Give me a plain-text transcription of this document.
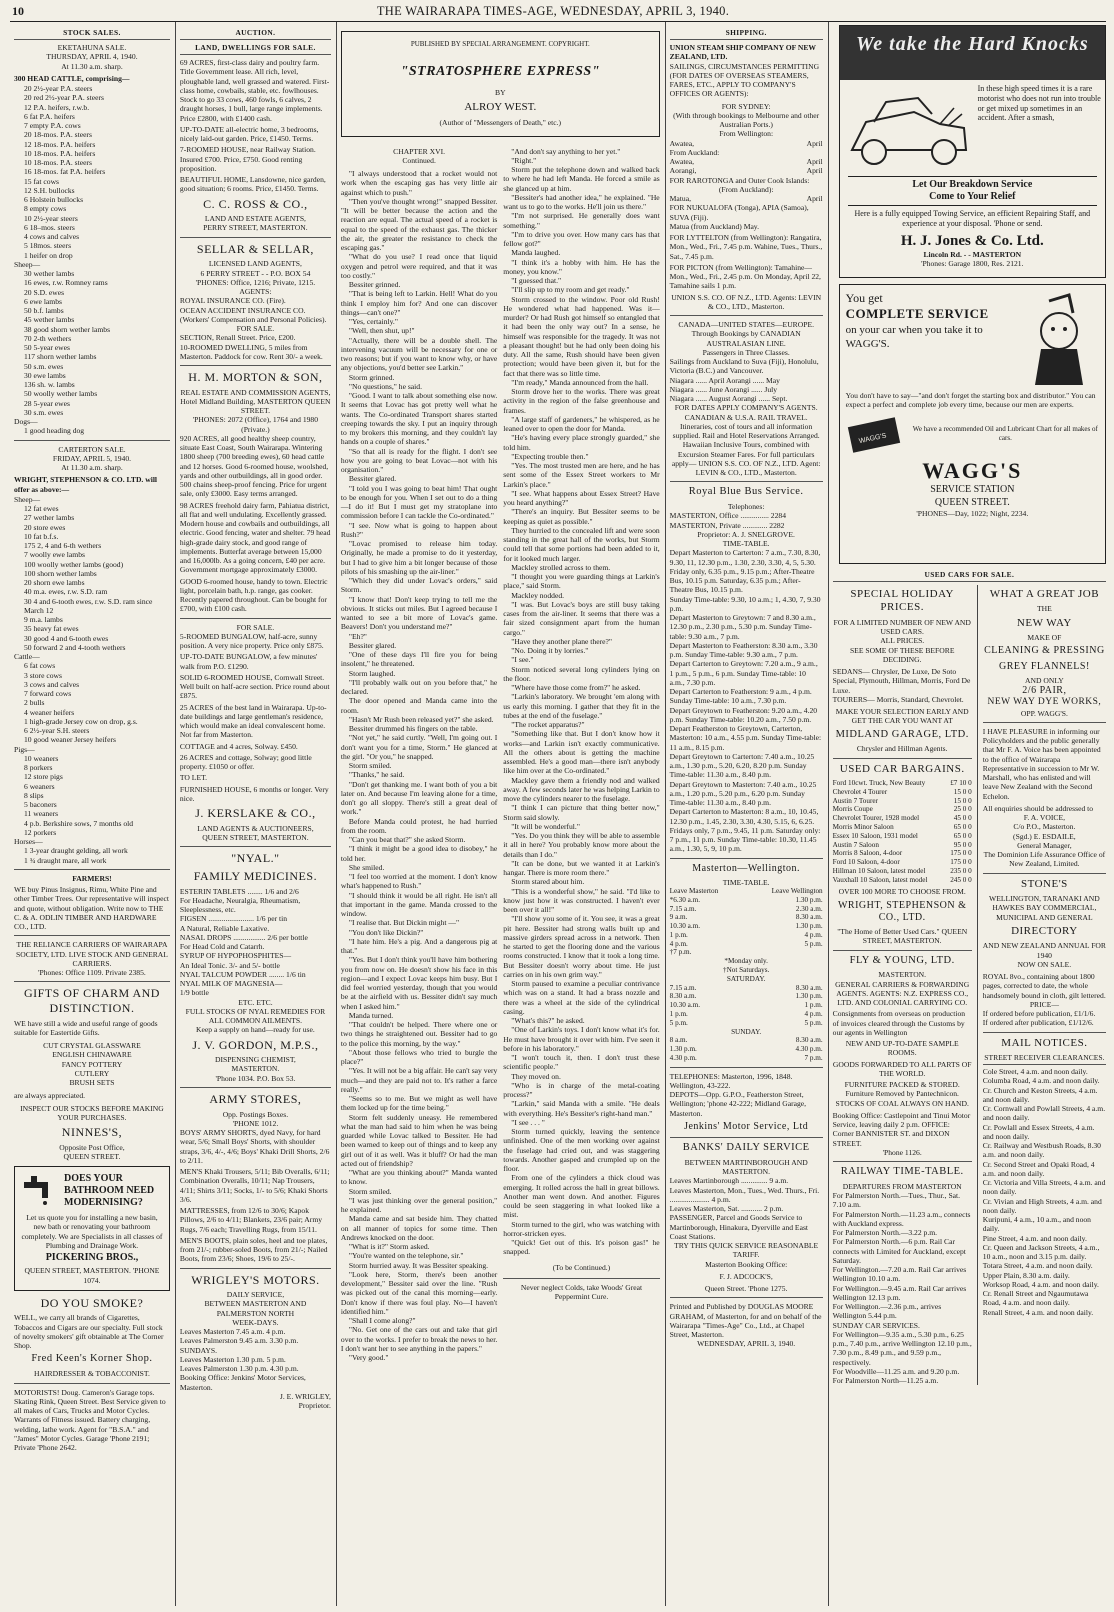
10	THE WAIRARAPA TIMES-AGE, WEDNESDAY, APRIL 3, 1940.
STOCK SALES.
EKETAHUNA SALE.
THURSDAY, APRIL 4, 1940.
At 11.30 a.m. sharp.
300 HEAD CATTLE, comprising—
20 2½-year P.A. steers
20 red 2½-year P.A. steers
12 P.A. heifers, r.w.b.
6 fat P.A. heifers
7 empty P.A. cows
20 18-mos. P.A. steers
12 18-mos. P.A. heifers
10 18-mos. P.A. heifers
10 18-mos. P.A. steers
16 18-mos. fat P.A. heifers
15 fat cows
12 S.H. bullocks
6 Holstein bullocks
8 empty cows
10 2½-year steers
6 18–mos. steers
4 cows and calves
5 18mos. steers
1 heifer on drop
Sheep—
30 wether lambs
16 ewes, r.w. Romney rams
20 S.D. ewes
6 ewe lambs
50 b.f. lambs
45 wether lambs
38 good shorn wether lambs
70 2-th wethers
50 5-year ewes
117 shorn wether lambs
50 s.m. ewes
30 ewe lambs
136 sh. w. lambs
50 woolly wether lambs
28 5-year ewes
30 s.m. ewes
Dogs—
1 good heading dog
CARTERTON SALE.
FRIDAY, APRIL 5, 1940.
At 11.30 a.m. sharp.
WRIGHT, STEPHENSON & CO. LTD. will offer as above:—
Sheep—
12 fat ewes
27 wether lambs
20 store ewes
10 fat b.f.s.
175 2, 4 and 6-th wethers
7 woolly ewe lambs
100 woolly wether lambs (good)
100 shorn wether lambs
20 shorn ewe lambs
40 m.a. ewes, r.w. S.D. ram
30 4 and 6-tooth ewes, r.w. S.D. ram since March 12
9 m.a. lambs
35 heavy fat ewes
30 good 4 and 6-tooth ewes
50 forward 2 and 4-tooth wethers
Cattle—
6 fat cows
3 store cows
3 cows and calves
7 forward cows
2 bulls
4 weaner heifers
1 high-grade Jersey cow on drop, g.s.
6 2½-year S.H. steers
10 good weaner Jersey heifers
Pigs—
10 weaners
8 porkers
12 store pigs
6 weaners
8 slips
5 baconers
11 weaners
4 p.b. Berkshire sows, 7 months old
12 porkers
Horses—
1 3-year draught gelding, all work
1 ¾ draught mare, all work
FARMERS!
WE buy Pinus Insignus, Rimu, White Pine and other Timber Trees. Our representative will inspect and quote, without obligation. Write now to THE C. & A. ODLIN TIMBER AND HARDWARE CO., LTD.
THE RELIANCE CARRIERS OF WAIRARAPA SOCIETY, LTD. LIVE STOCK AND GENERAL CARRIERS.
'Phones: Office 1109. Private 2385.
GIFTS OF CHARM AND DISTINCTION.
WE have still a wide and useful range of goods suitable for Eastertide Gifts.
CUT CRYSTAL GLASSWARE
ENGLISH CHINAWARE
FANCY POTTERY
CUTLERY
BRUSH SETS
are always appreciated.
INSPECT OUR STOCKS BEFORE MAKING YOUR PURCHASES.
NINNES'S,
Opposite Post Office,
QUEEN STREET.
DOES YOUR BATHROOM NEED MODERNISING?
Let us quote you for installing a new basin, new bath or renovating your bathroom completely. We are Specialists in all classes of Plumbing and Drainage Work.
PICKERING BROS.,
QUEEN STREET, MASTERTON. 'PHONE 1074.
DO YOU SMOKE?
WELL, we carry all brands of Cigarettes, Tobaccos and Cigars are our specialty. Full stock of novelty smokers' gift obtainable at The Corner Shop.
Fred Keen's Korner Shop.
HAIRDRESSER & TOBACCONIST.
MOTORISTS! Doug. Cameron's Garage tops. Skating Rink, Queen Street. Best Service given to all makes of Cars, Trucks and Motor Cycles. Warrants of Fitness issued. Battery charging, welding, lathe work. Agent for "B.S.A." and "James" Motor Cycles. Garage 'Phone 2191; Private 'Phone 2642.
AUCTION.
LAND, DWELLINGS FOR SALE.
69 ACRES, first-class dairy and poultry farm. Title Government lease. All rich, level, ploughable land, well grassed and watered. First-class home, cowbails, stable, etc. fowlhouses. Stock to go 33 cows, 460 fowls, 6 calves, 2 draught horses, 1 bull, large range implements. Price £2800, with £1400 cash.
UP-TO-DATE all-electric home, 3 bedrooms, nicely laid-out garden. Price, £1450. Terms.
7-ROOMED HOUSE, near Railway Station. Insured £700. Price, £750. Good renting proposition.
BEAUTIFUL HOME, Lansdowne, nice garden, good situation; 6 rooms. Price, £1450. Terms.
C. C. ROSS & CO.,
LAND AND ESTATE AGENTS,
PERRY STREET, MASTERTON.
SELLAR & SELLAR,
LICENSED LAND AGENTS,
6 PERRY STREET - - P.O. BOX 54
'PHONES: Office, 1216; Private, 1215.
AGENTS:
ROYAL INSURANCE CO. (Fire).
OCEAN ACCIDENT INSURANCE CO. (Workers' Compensation and Personal Policies).
FOR SALE.
SECTION, Renall Street. Price, £200.
10-ROOMED DWELLING, 5 miles from Masterton. Paddock for cow. Rent 30/- a week.
H. M. MORTON & SON,
REAL ESTATE AND COMMISSION AGENTS,
Hotel Midland Building, MASTERTON QUEEN STREET.
'PHONES: 2072 (Office), 1764 and 1980 (Private.)
920 ACRES, all good healthy sheep country, situate East Coast, South Wairarapa. Wintering 1800 sheep (700 breeding ewes), 60 head cattle and 12 horses. Good 6-roomed house, woolshed, yards and other outbuildings, all in good order. 500 chains sheep-proof fencing. Price for urgent sale, only £3000. Easy terms arranged.
98 ACRES freehold dairy farm, Pahiatua district, all flat and well undulating. Excellently grassed. Modern house and cowbails and outbuildings, all electric. Good fencing, water and shelter. 79 head high-grade dairy stock, and good range of implements. Butterfat average between 15,000 and 16,000lb. As a going concern, £40 per acre. Government mortgage approximately £3000.
GOOD 6-roomed house, handy to town. Electric light, porcelain bath, h.p. range, gas cooker. Recently papered throughout. Can be bought for £700, with £100 cash.
FOR SALE.
5-ROOMED BUNGALOW, half-acre, sunny position. A very nice property. Price only £875.
UP-TO-DATE BUNGALOW, a few minutes' walk from P.O. £1290.
SOLID 6-ROOMED HOUSE, Cornwall Street. Well built on half-acre section. Price round about £875.
25 ACRES of the best land in Wairarapa. Up-to-date buildings and large gentleman's residence, which would make an ideal convalescent home. Not far from Masterton.
COTTAGE and 4 acres, Solway. £450.
26 ACRES and cottage, Solway; good little property. £1050 or offer.
TO LET.
FURNISHED HOUSE, 6 months or longer. Very nice.
J. KERSLAKE & CO.,
LAND AGENTS & AUCTIONEERS,
QUEEN STREET, MASTERTON.
"NYAL."
FAMILY MEDICINES.
ESTERIN TABLETS ........ 1/6 and 2/6
For Headache, Neuralgia, Rheumatism, Sleeplessness, etc.
FIGSEN ........................ 1/6 per tin
A Natural, Reliable Laxative.
NASAL DROPS ................. 2/6 per bottle
For Head Cold and Catarrh.
SYRUP OF HYPOPHOSPHITES—
An Ideal Tonic. 3/- and 5/- bottle
NYAL TALCUM POWDER ........ 1/6 tin
NYAL MILK OF MAGNESIA—
1/9 bottle
ETC. ETC.
FULL STOCKS OF NYAL REMEDIES FOR
ALL COMMON AILMENTS.
Keep a supply on hand—ready for use.
J. V. GORDON, M.P.S.,
DISPENSING CHEMIST,
MASTERTON.
'Phone 1034. P.O. Box 53.
ARMY STORES,
Opp. Postings Boxes.
'PHONE 1012.
BOYS' ARMY SHORTS, dyed Navy, for hard wear, 5/6; Small Boys' Shorts, with shoulder straps, 3/6, 4/-, 4/6; Boys' Khaki Drill Shorts, 2/6 to 2/11.
MEN'S Khaki Trousers, 5/11; Bib Overalls, 6/11; Combination Overalls, 10/11; Nap Trousers, 4/11; Shirts 3/11; Socks, 1/- to 5/6; Khaki Shorts 3/6.
MATTRESSES, from 12/6 to 30/6; Kapok Pillows, 2/6 to 4/11; Blankets, 23/6 pair; Army Rugs, 7/6 each; Travelling Rugs, from 15/11.
MEN'S BOOTS, plain soles, heel and toe plates, from 21/-; rubber-soled Boots, from 21/-; Nailed Boots, from 23/6; Shoes, 19/6 to 25/-.
WRIGLEY'S MOTORS.
DAILY SERVICE,
BETWEEN MASTERTON AND PALMERSTON NORTH
WEEK-DAYS.
Leaves Masterton 7.45 a.m. 4 p.m.
Leaves Palmerston 9.45 a.m. 3.30 p.m.
SUNDAYS.
Leaves Masterton 1.30 p.m. 5 p.m.
Leaves Palmerston 1.30 p.m. 4.30 p.m.
Booking Office: Jenkins' Motor Services, Masterton.
J. E. WRIGLEY,
Proprietor.
PUBLISHED BY SPECIAL ARRANGEMENT. COPYRIGHT.
"STRATOSPHERE EXPRESS"
BY
ALROY WEST.
(Author of "Messengers of Death," etc.)
CHAPTER XVI.
Continued.
"I always understood that a rocket would not work when the escaping gas has very little air against which to push."
"Then you've thought wrong!" snapped Bessiter. "It will be better because the action and the reaction are equal. The actual speed of a rocket is equal to the speed of the exhaust gas. The thicker the air, the greater the resistance to check the escaping gas."
"What do you use? I read once that liquid oxygen and petrol were required, and that it was too costly."
Bessiter grinned.
"That is being left to Larkin. Hell! What do you think I employ him for? And one can discover things—can't one?"
"Yes, certainly."
"Well, then shut, up!"
"Actually, there will be a double shell. The intervening vacuum will be necessary for one or two reasons; but if you want to know why, or have any objections, you'd better see Larkin."
Storm grinned.
"No questions," he said.
"Good. I want to talk about something else now. It seems that Lovac has got pretty well what he wants. The Co-ordinated Transport shares started creeping towards the sky. I put an inquiry through to my brokers this morning, and they couldn't lay hands on a couple of shares."
"So that all is ready for the flight. I don't see how you are going to beat Lovac—not with his organisation."
Bessiter glared.
"I told you I was going to beat him! That ought to be enough for you. When I set out to do a thing—I do it! But I must get my stratoplane into commission before I can tackle the Co-ordinated."
"I see. Now what is going to happen about Rush?"
"Lovac promised to release him today. Originally, he made a promise to do it yesterday, but I had to give him a bit longer because of those pilots of his smashing up the air-liner."
"Which they did under Lovac's orders," said Storm.
"I know that! Don't keep trying to tell me the obvious. It sticks out miles. But I agreed because I wanted to see a bit more of Lovac's game. Beavers! Don't you understand me?"
"Eh?"
Bessiter glared.
"One of these days I'll fire you for being insolent," he threatened.
Storm laughed.
"I'll probably walk out on you before that," he declared.
The door opened and Manda came into the room.
"Hasn't Mr Rush been released yet?" she asked.
Bessiter drummed his fingers on the table.
"Not yet," he said curtly. "Well, I'm going out. I don't want you for a time, Storm." He glanced at the girl. "Or you," he snapped.
Storm smiled.
"Thanks," he said.
"Don't get thanking me. I want both of you a bit later on. And because I'm leaving alone for a time, don't go all sloppy. There's still a great deal of work."
Before Manda could protest, he had hurried from the room.
"Can you beat that?" she asked Storm.
"I think it might be a good idea to disobey," he told her.
She smiled.
"I feel too worried at the moment. I don't know what's happened to Rush."
"I should think it would be all right. He isn't all that important in the game. Manda crossed to the window.
"I realise that. But Dickin might —"
"You don't like Dickin?"
"I hate him. He's a pig. And a dangerous pig at that."
"Yes. But I don't think you'll have him bothering you from now on. He doesn't show his face in this region—and I expect Lovac keeps him busy. But I did feel worried yesterday, though that you would be at the airfield with us. Bessiter didn't say much when I asked him."
Manda turned.
"That couldn't be helped. There where one or two things he straightened out. Bessiter had to go to the police this morning, by the way."
"About those fellows who tried to burgle the place?"
"Yes. It will not be a big affair. He can't say very much—and they are paid not to. It's rather a farce really."
"Seems so to me. But we might as well have them locked up for the time being."
Storm felt suddenly uneasy. He remembered what the man had said to him when he was being guarded while Lovac talked to Bessiter. He had been warned to keep out of things and to keep any girl out of it as well. Was it bluff? Or had the man acted out of friendship?
"What are you thinking about?" Manda wanted to know.
Storm smiled.
"I was just thinking over the general position," he explained.
Manda came and sat beside him. They chatted on all manner of topics for some time. Then Andrews knocked on the door.
"What is it?" Storm asked.
"You're wanted on the telephone, sir."
Storm hurried away. It was Bessiter speaking.
"Look here, Storm, there's been another development," Bessiter said over the line. "Rush was picked out of the canal this morning—early. Don't know if there was foul play. No—I haven't identified him."
"Shall I come along?"
"No. Get one of the cars out and take that girl over to the works. I prefer to break the news to her. I don't want her to see anything in the papers."
"Very good."
"And don't say anything to her yet."
"Right."
Storm put the telephone down and walked back to where he had left Manda. He forced a smile as she glanced up at him.
"Bessiter's had another idea," he explained. "He want us to go to the works. He'll join us there."
"I'm not surprised. He generally does want something."
"I'm to drive you over. How many cars has that fellow got?"
Manda laughed.
"I think it's a hobby with him. He has the money, you know."
"I guessed that."
"I'll slip up to my room and get ready."
Storm crossed to the window. Poor old Rush! He wondered what had happened. Was it—murder? Or had Rush got himself so entangled that it had been the only way out? In a sense, he himself was responsible for the tragedy. It was not a pleasant thought! but he had only been doing his duty. All the same, Rush should have been given protection; would have been given it, but for the fact that there was so little time.
"I'm ready," Manda announced from the hall.
Storm drove her to the works. There was great activity in the region of the false greenhouse and frames.
"A large staff of gardeners," he whispered, as he leaned over to open the door for Manda.
"He's having every place strongly guarded," she told him.
"Expecting trouble then."
"Yes. The most trusted men are here, and he has sent some of the Essex Street workers to Mr Larkin's place."
"I see. What happens about Essex Street? Have you heard anything?"
"There's an inquiry. But Bessiter seems to be keeping as quiet as possible."
They hurried to the concealed lift and were soon standing in the great hall of the works, but Storm could tell that some portions had been added to it, for it looked much larger.
Mackley strolled across to them.
"I thought you were guarding things at Larkin's place," said Storm.
Mackley nodded.
"I was. But Lovac's boys are still busy taking cases from the air-liner. It seems that there was a fair sized consignment apart from the human cargo."
"Have they another plane there?"
"No. Doing it by lorries."
"I see."
Storm noticed several long cylinders lying on the floor.
"Where have those come from?" he asked.
"Larkin's laboratory. We brought 'em along with us early this morning. I gather that they fit in the tubes at the end of the fuselage."
"The rocket apparatus?"
"Something like that. But I don't know how it works—and Larkin isn't exactly communicative. All the others about is getting the machine assembled. He's a good man—there isn't anybody like him over at the Co-ordinated."
Mackley gave them a friendly nod and walked away. A few seconds later he was helping Larkin to move the cylinders nearer to the fuselage.
"I think I can picture that thing better now," Storm said slowly.
"It will be wonderful."
"Yes. Do you think they will be able to assemble it all in here? You probably know more about the details than I do."
"It can be done, but we wanted it at Larkin's hangar. There is more room there."
Storm stared about him.
"This is a wonderful show," he said. "I'd like to know just how it was constructed. I haven't ever been over it all!"
"I'll show you some of it. You see, it was a great pit here. Bessiter had strong walls built up and massive girders spread across in a network. Then he started to get the flooring done and the various rooms constructed. I know that it took a long time. But Bessiter doesn't worry about time. He just carries on in his own grim way."
Storm paused to examine a peculiar contrivance which was on a stand. It had a brass nozzle and there was a wheel at the side of the cylindrical casing.
"What's this?" he asked.
"One of Larkin's toys. I don't know what it's for. He must have brought it over with him. I've seen it before in his laboratory."
"I won't touch it, then. I don't trust these scientific people."
They moved on.
"Who is in charge of the metal-coating process?"
"Larkin," said Manda with a smile. "He deals with everything. He's Bessiter's right-hand man."
"I see . . . "
Storm turned quickly, leaving the sentence unfinished. One of the men working over against the fuselage had cried out, and was staggering towards. Another gasped and crumpled up on the floor.
From one of the cylinders a thick cloud was emerging. It rolled across the hall in great billows. Another man went down. And another. Figures could be seen staggering in what looked like a mist.
Storm turned to the girl, who was watching with horror-stricken eyes.
"Quick! Get out of this. It's poison gas!" he snapped.
(To be Continued.)
Never neglect Colds, take Woods' Great Peppermint Cure.
SHIPPING.
UNION STEAM SHIP COMPANY OF NEW ZEALAND, LTD.
SAILINGS, CIRCUMSTANCES PERMITTING (FOR DATES OF OVERSEAS STEAMERS, FARES, ETC., APPLY TO COMPANY'S OFFICES OR AGENTS):
FOR SYDNEY:
(With through bookings to Melbourne and other Australian Ports.)
From Wellington:
Awatea,	April
From Auckland:
Awatea,	April
Aorangi,	April
FOR RAROTONGA and Outer Cook Islands:
(From Auckland):
Matua,	April
FOR NUKUALOFA (Tonga), APIA (Samoa), SUVA (Fiji).
Matua (from Auckland) May.
FOR LYTTELTON (from Wellington): Rangatira, Mon., Wed., Fri., 7.45 p.m. Wahine, Tues., Thurs., Sat., 7.45 p.m.
FOR PICTON (from Wellington): Tamahine—Mon., Wed., Fri., 2.45 p.m. On Monday, April 22, Tamahine sails 1 p.m.
UNION S.S. CO. OF N.Z., LTD. Agents: LEVIN & CO., LTD., Masterton.
CANADA—UNITED STATES—EUROPE.
Through Bookings by CANADIAN AUSTRALASIAN LINE.
Passengers in Three Classes.
Sailings from Auckland to Suva (Fiji), Honolulu, Victoria (B.C.) and Vancouver.
Niagara ...... April Aorangi ...... May
Niagara ...... June Aorangi ...... July
Niagara ...... August Aorangi ...... Sept.
FOR DATES APPLY COMPANY'S AGENTS.
CANADIAN & U.S.A. RAIL TRAVEL. Itineraries, cost of tours and all information supplied. Rail and Hotel Reservations Arranged. Hawaiian Inclusive Tours, combined with Excursion Steamer Fares. For full particulars apply— UNION S.S. CO. OF N.Z., LTD. Agent: LEVIN & CO., LTD., Masterton.
Royal Blue Bus Service.
Telephones:
MASTERTON, Office ............... 2284
MASTERTON, Private ............. 2282
Proprietor: A. J. SNELGROVE.
TIME-TABLE.
Depart Masterton to Carterton: 7 a.m., 7.30, 8.30, 9.30, 11, 12.30 p.m., 1.30, 2.30, 3.30, 4, 5, 5.30. Friday only, 6.35 p.m., 9.15 p.m.; After-Theatre Bus, 10.15 p.m. Saturday, 6.35 p.m.; After-Theatre Bus, 10.15 p.m.
Sunday Time-table: 9.30, 10 a.m.; 1, 4.30, 7, 9.30 p.m.
Depart Masterton to Greytown: 7 and 8.30 a.m., 12.30 p.m., 2.30 p.m., 5.30 p.m. Sunday Time-table: 9.30 a.m., 7 p.m.
Depart Masterton to Featherston: 8.30 a.m., 3.30 p.m. Sunday Time-table: 9.30 a.m., 7 p.m.
Depart Carterton to Greytown: 7.20 a.m., 9 a.m., 1 p.m., 5 p.m., 6 p.m. Sunday Time-table: 10 a.m., 7.30 p.m.
Depart Carterton to Featherston: 9 a.m., 4 p.m. Sunday Time-table: 10 a.m., 7.30 p.m.
Depart Greytown to Featherston: 9.20 a.m., 4.20 p.m. Sunday Time-table: 10.20 a.m., 7.50 p.m.
Depart Featherston to Greytown, Carterton, Masterton: 10 a.m., 4.55 p.m. Sunday Time-table: 11 a.m., 8.15 p.m.
Depart Greytown to Carterton: 7.40 a.m., 10.25 a.m., 1.30 p.m., 5.20, 6.20, 8.20 p.m. Sunday Time-table: 11.30 a.m., 8.40 p.m.
Depart Greytown to Masterton: 7.40 a.m., 10.25 a.m., 1.20 p.m., 5.20 p.m., 6.20 p.m. Sunday Time-table: 11.30 a.m., 8.40 p.m.
Depart Carterton to Masterton: 8 a.m., 10, 10.45, 12.30 p.m., 1.45, 2.30, 3.30, 4.30, 5.15, 6, 6.25. Fridays only, 7 p.m., 9.45, 11 p.m. Saturday only: 7 p.m., 11 p.m. Sunday Time-table: 10.30, 11.45 a.m., 1.30, 5, 9, 10 p.m.
Masterton—Wellington.
TIME-TABLE.
Leave Masterton	Leave Wellington
*6.30 a.m.	1.30 p.m.
7.15 a.m.	2.30 a.m.
9 a.m.	8.30 a.m.
10.30 a.m.	1.30 p.m.
1 p.m.	4 p.m.
4 p.m.	5 p.m.
†7 p.m.	
*Monday only.	
†Not Saturdays.	
SATURDAY.	
7.15 a.m.	8.30 a.m.
8.30 a.m.	1.30 p.m.
10.30 a.m.	1 p.m.
1 p.m.	4 p.m.
5 p.m.	5 p.m.
SUNDAY.	
8 a.m.	8.30 a.m.
1.30 p.m.	4.30 p.m.
4.30 p.m.	7 p.m.
TELEPHONES: Masterton, 1996, 1848. Wellington, 43-222.
DEPOTS—Opp. G.P.O., Featherston Street, Wellington; 'phone 42-222; Midland Garage, Masterton.
Jenkins' Motor Service, Ltd
BANKS' DAILY SERVICE
BETWEEN MARTINBOROUGH AND MASTERTON.
Leaves Martinborough .............. 9 a.m.
Leaves Masterton, Mon., Tues., Wed. Thurs., Fri. ..................... 4 p.m.
Leaves Masterton, Sat. ........... 2 p.m.
PASSENGER, Parcel and Goods Service to Martinborough, Hinakura, Dyerville and East Coast Stations.
TRY THIS QUICK SERVICE REASONABLE TARIFF.
Masterton Booking Office:
F. J. ADCOCK'S,
Queen Street. 'Phone 1275.
Printed and Published by DOUGLAS MOORE GRAHAM, of Masterton, for and on behalf of the Wairarapa "Times-Age" Co., Ltd., at Chapel Street, Masterton.
WEDNESDAY, APRIL 3, 1940.
We take the Hard Knocks
In these high speed times it is a rare motorist who does not run into trouble or get mixed up sometimes in an accident. After a smash,
Let Our Breakdown Service
Come to Your Relief
Here is a fully equipped Towing Service, an efficient Repairing Staff, and experience at your disposal. 'Phone or send.
H. J. Jones & Co. Ltd.
Lincoln Rd. - - MASTERTON
'Phones: Garage 1800, Res. 2121.
You get
COMPLETE SERVICE
on your car when you take it to WAGG'S.
You don't have to say—"and don't forget the starting box and distributor." You can expect a perfect and complete job every time, because our men are experts.
WAGG'S
We have a recommended Oil and Lubricant Chart for all makes of cars.
WAGG'S
SERVICE STATION
QUEEN STREET.
'PHONES—Day, 1022; Night, 2234.
USED CARS FOR SALE.
SPECIAL HOLIDAY PRICES.
FOR A LIMITED NUMBER OF NEW AND USED CARS.
ALL PRICES.
SEE SOME OF THESE BEFORE DECIDING.
SEDANS— Chrysler, De Luxe, De Soto Special, Plymouth, Hillman, Morris, Ford De Luxe.
TOURERS— Morris, Standard, Chevrolet.
MAKE YOUR SELECTION EARLY AND GET THE CAR YOU WANT AT
MIDLAND GARAGE, LTD.
Chrysler and Hillman Agents.
USED CAR BARGAINS.
Ford 10cwt. Truck, New Beauty	£7 10 0
Chevrolet 4 Tourer	15 0 0
Austin 7 Tourer	15 0 0
Morris Coupe	25 0 0
Chevrolet Tourer, 1928 model	45 0 0
Morris Minor Saloon	65 0 0
Essex 10 Saloon, 1931 model	65 0 0
Austin 7 Saloon	95 0 0
Morris 8 Saloon, 4-door	175 0 0
Ford 10 Saloon, 4-door	175 0 0
Hillman 10 Saloon, latest model	235 0 0
Vauxhall 10 Saloon, latest model	245 0 0
OVER 100 MORE TO CHOOSE FROM.
WRIGHT, STEPHENSON & CO., LTD.
"The Home of Better Used Cars." QUEEN STREET, MASTERTON.
FLY & YOUNG, LTD.
MASTERTON.
GENERAL CARRIERS & FORWARDING AGENTS. AGENTS: N.Z. EXPRESS CO., LTD. AND COLONIAL CARRYING CO.
Consignments from overseas on production of invoices cleared through the Customs by our agents in Wellington
NEW AND UP-TO-DATE SAMPLE ROOMS.
GOODS FORWARDED TO ALL PARTS OF THE WORLD.
FURNITURE PACKED & STORED. Furniture Removed by Pantechnicon. STOCKS OF COAL ALWAYS ON HAND.
Booking Office: Castlepoint and Tinui Motor Service, leaving daily 2 p.m. OFFICE: Corner BANNISTER ST. and DIXON STREET.
'Phone 1126.
RAILWAY TIME-TABLE.
DEPARTURES FROM MASTERTON
For Palmerston North.—Tues., Thur., Sat. 7.10 a.m.
For Palmerston North.—11.23 a.m., connects with Auckland express.
For Palmerston North.—3.22 p.m.
For Palmerston North.—6 p.m. Rail Car connects with Limited for Auckland, except Saturday.
For Wellington.—7.20 a.m. Rail Car arrives Wellington 10.10 a.m.
For Wellington.—9.45 a.m. Rail Car arrives Wellington 12.13 p.m.
For Wellington.—2.36 p.m., arrives Wellington 5.44 p.m.
SUNDAY CAR SERVICES.
For Wellington—9.35 a.m., 5.30 p.m., 6.25 p.m., 7.40 p.m., arrive Wellington 12.10 p.m., 7.30 p.m., 8.49 p.m., and 9.59 p.m., respectively.
For Woodville—11.25 a.m. and 9.20 p.m.
For Palmerston North—11.25 a.m.
WHAT A GREAT JOB
THE
NEW WAY
MAKE OF
CLEANING & PRESSING
GREY FLANNELS!
AND ONLY
2/6 PAIR,
NEW WAY DYE WORKS,
OPP. WAGG'S.
I HAVE PLEASURE in informing our Policyholders and the public generally that Mr F. A. Voice has been appointed to the office of Wairarapa Representative in succession to Mr W. Marshall, who has enlisted and will leave New Zealand with the Second Echelon.
All enquiries should be addressed to
F. A. VOICE,
C/o P.O., Masterton.
(Sgd.) E. ESDAILE,
General Manager,
The Dominion Life Assurance Office of New Zealand, Limited.
STONE'S
WELLINGTON, TARANAKI AND HAWKES BAY COMMERCIAL, MUNICIPAL AND GENERAL
DIRECTORY
AND NEW ZEALAND ANNUAL FOR 1940
NOW ON SALE.
ROYAL 8vo., containing about 1800 pages, corrected to date, the whole handsomely bound in cloth, gilt lettered.
PRICE—
If ordered before publication, £1/1/6.
If ordered after publication, £1/12/6.
MAIL NOTICES.
STREET RECEIVER CLEARANCES.
Cole Street, 4 a.m. and noon daily.
Columba Road, 4 a.m. and noon daily.
Cr. Church and Keston Streets, 4 a.m. and noon daily.
Cr. Cornwall and Powlall Streets, 4 a.m. and noon daily.
Cr. Powlall and Essex Streets, 4 a.m. and noon daily.
Cr. Railway and Westbush Roads, 8.30 a.m. and noon daily.
Cr. Second Street and Opaki Road, 4 a.m. and noon daily.
Cr. Victoria and Villa Streets, 4 a.m. and noon daily.
Cr. Vivian and High Streets, 4 a.m. and noon daily.
Kuripuni, 4 a.m., 10 a.m., and noon daily.
Pine Street, 4 a.m. and noon daily.
Cr. Queen and Jackson Streets, 4 a.m., 10 a.m., noon and 3.15 p.m. daily.
Totara Street, 4 a.m. and noon daily.
Upper Plain, 8.30 a.m. daily.
Worksop Road, 4 a.m. and noon daily.
Cr. Renall Street and Ngaumutawa Road, 4 a.m. and noon daily.
Renall Street, 4 a.m. and noon daily.
